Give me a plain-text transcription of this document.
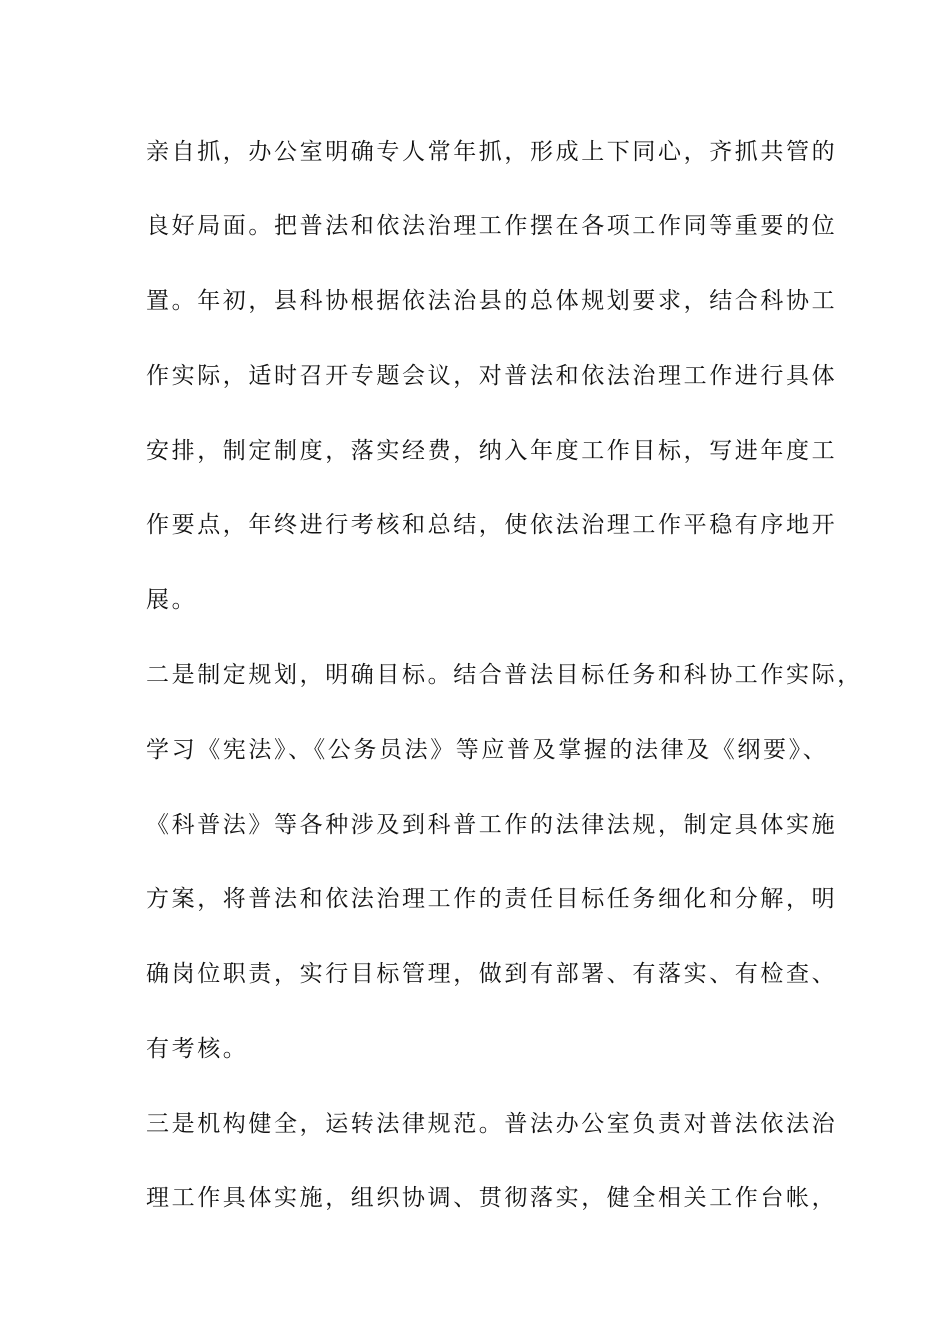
亲自抓，办公室明确专人常年抓，形成上下同心，齐抓共管的
良好局面。把普法和依法治理工作摆在各项工作同等重要的位
置。年初，县科协根据依法治县的总体规划要求，结合科协工
作实际，适时召开专题会议，对普法和依法治理工作进行具体
安排，制定制度，落实经费，纳入年度工作目标，写进年度工
作要点，年终进行考核和总结，使依法治理工作平稳有序地开
展。
二是制定规划，明确目标。结合普法目标任务和科协工作实际，
学习《宪法》、《公务员法》等应普及掌握的法律及《纲要》、
《科普法》等各种涉及到科普工作的法律法规，制定具体实施
方案，将普法和依法治理工作的责任目标任务细化和分解，明
确岗位职责，实行目标管理，做到有部署、有落实、有检查、
有考核。
三是机构健全，运转法律规范。普法办公室负责对普法依法治
理工作具体实施，组织协调、贯彻落实，健全相关工作台帐，
